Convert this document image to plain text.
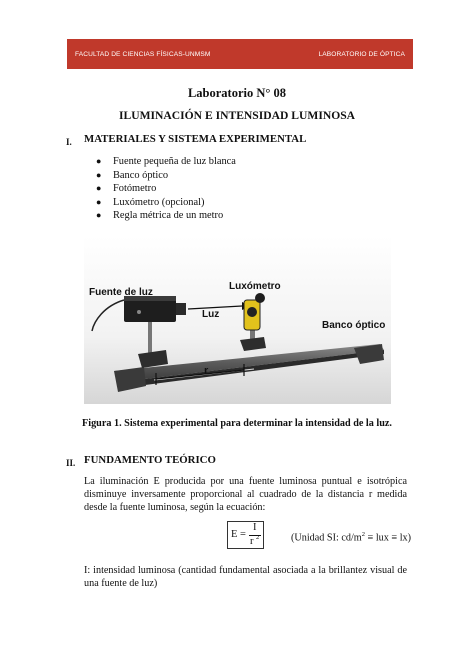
FACULTAD DE CIENCIAS FÍSICAS-UNMSM	LABORATORIO DE ÓPTICA
Laboratorio N° 08
ILUMINACIÓN E INTENSIDAD LUMINOSA
I. MATERIALES Y SISTEMA EXPERIMENTAL
● Fuente pequeña de luz blanca
● Banco óptico
● Fotómetro
● Luxómetro (opcional)
● Regla métrica de un metro
r
Fuente de luz
Luxómetro
Luz
Banco óptico
Figura 1. Sistema experimental para determinar la intensidad de la luz.
II. FUNDAMENTO TEÓRICO
La iluminación E producida por una fuente luminosa puntual e isotrópica disminuye inversamente proporcional al cuadrado de la distancia r medida desde la fuente luminosa, según la ecuación:
E =
I
r 2	(Unidad SI: $cd/m^2$ ≡ lux ≡ lx)
I: intensidad luminosa (cantidad fundamental asociada a la brillantez visual de una fuente de luz)
